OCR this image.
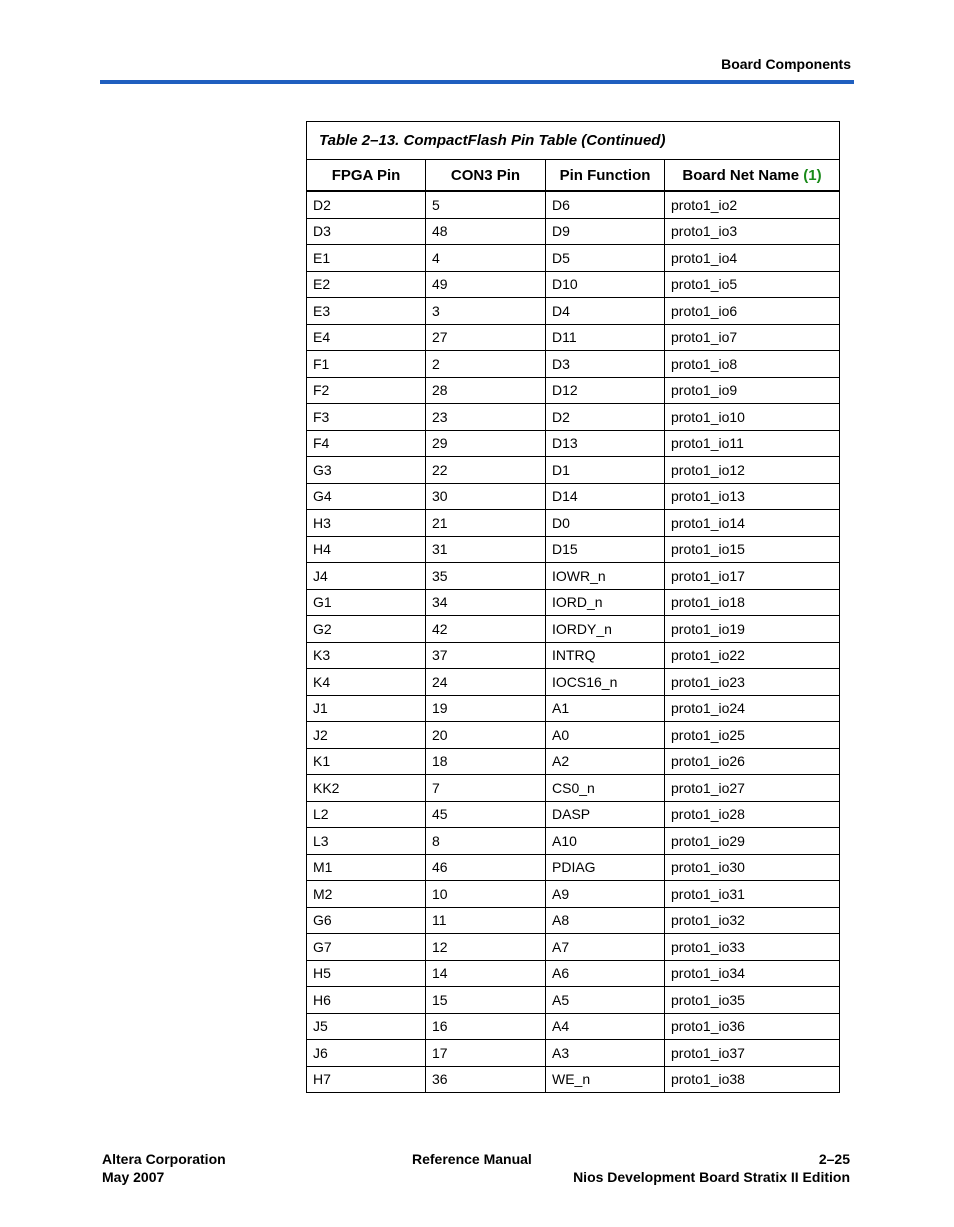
Board Components
Table 2–13. CompactFlash Pin Table (Continued)			
FPGA Pin	CON3 Pin	Pin Function	Board Net Name (1)
D2	5	D6	proto1_io2
D3	48	D9	proto1_io3
E1	4	D5	proto1_io4
E2	49	D10	proto1_io5
E3	3	D4	proto1_io6
E4	27	D11	proto1_io7
F1	2	D3	proto1_io8
F2	28	D12	proto1_io9
F3	23	D2	proto1_io10
F4	29	D13	proto1_io11
G3	22	D1	proto1_io12
G4	30	D14	proto1_io13
H3	21	D0	proto1_io14
H4	31	D15	proto1_io15
J4	35	IOWR_n	proto1_io17
G1	34	IORD_n	proto1_io18
G2	42	IORDY_n	proto1_io19
K3	37	INTRQ	proto1_io22
K4	24	IOCS16_n	proto1_io23
J1	19	A1	proto1_io24
J2	20	A0	proto1_io25
K1	18	A2	proto1_io26
KK2	7	CS0_n	proto1_io27
L2	45	DASP	proto1_io28
L3	8	A10	proto1_io29
M1	46	PDIAG	proto1_io30
M2	10	A9	proto1_io31
G6	11	A8	proto1_io32
G7	12	A7	proto1_io33
H5	14	A6	proto1_io34
H6	15	A5	proto1_io35
J5	16	A4	proto1_io36
J6	17	A3	proto1_io37
H7	36	WE_n	proto1_io38
Altera Corporation
May 2007
Reference Manual	2–25
Nios Development Board Stratix II Edition
